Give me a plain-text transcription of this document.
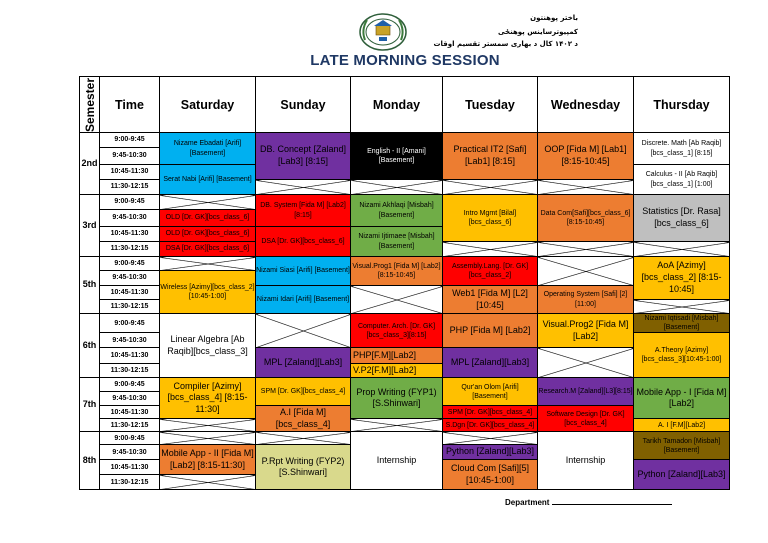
باختر پوهنتون
کمپیوترساینس پوهنځی
د ۱۴۰۲ کال د بهاری سمستر تقسیم اوقات
LATE MORNING SESSION
Semester	Time	Saturday	Sunday	Monday	Tuesday	Wednesday	Thursday
2nd	9:00-9:45	Nizame Ebadati [Arifi] [Basement]	DB. Concept [Zaland][Lab3] [8:15]	English - II [Amani][Basement]	Practical IT2 [Safi] [Lab1] [8:15]	OOP [Fida M] [Lab1] [8:15-10:45]	Discrete. Math [Ab Raqib] [bcs_class_1] [8:15]
	9:45-10:30						
	10:45-11:30	Serat Nabi [Arifi] [Basement]					Calculus - II [Ab Raqib] [bcs_class_1] [1:00]
	11:30-12:15						
3rd	9:00-9:45		DB. System [Fida M] [Lab2] [8:15]	Nizami Akhlaqi [Misbah] [Basement]	Intro Mgmt [Bilal] [bcs_class_6]	Data Com[Safi][bcs_class_6] [8:15-10:45]	Statistics [Dr. Rasa] [bcs_class_6]
	9:45-10:30	OLD [Dr. GK][bcs_class_6]					
	10:45-11:30	OLD [Dr. GK][bcs_class_6]	DSA [Dr. GK][bcs_class_6]	Nizami Ijtimaee [Misbah] [Basement]			
	11:30-12:15	DSA [Dr. GK][bcs_class_6]					
5th	9:00-9:45		Nizami Siasi [Arifi] [Basement]	Visual.Prog1 [Fida M] [Lab2] [8:15-10:45]	Assembly.Lang. [Dr. GK][bcs_class_2]		AoA [Azimy][bcs_class_2] [8:15-10:45]
	9:45-10:30	Wireless [Azimy][bcs_class_2] [10:45-1:00]					
	10:45-11:30		Nizami Idari [Arifi] [Basement]		Web1 [Fida M] [L2][10:45]	Operating System [Safi] [2][11:00]	
	11:30-12:15						
6th	9:00-9:45	Linear Algebra [Ab Raqib][bcs_class_3]		Computer. Arch. [Dr. GK][bcs_class_3][8:15]	PHP [Fida M] [Lab2]	Visual.Prog2 [Fida M] [Lab2]	Nizami Iqtisadi [Misbah] [Basement]
	9:45-10:30						A.Theory [Azimy][bcs_class_3][10:45-1:00]
	10:45-11:30		MPL [Zaland][Lab3]	PHP[F.M][Lab2]	MPL [Zaland][Lab3]		
	11:30-12:15			V.P2[F.M][Lab2]			
7th	9:00-9:45	Compiler [Azimy][bcs_class_4] [8:15-11:30]	SPM [Dr. GK][bcs_class_4]	Prop Writing (FYP1) [S.Shinwari]	Qur'an Olom [Arifi] [Basement]	Research.M [Zaland][L3][8:15]	Mobile App - I [Fida M] [Lab2]
	9:45-10:30						
	10:45-11:30		A.I [Fida M] [bcs_class_4]		SPM [Dr. GK][bcs_class_4]	Software Design [Dr. GK][bcs_class_4]	
	11:30-12:15				S.Dgn [Dr. GK][bcs_class_4]		A. I [F.M][Lab2]
8th	9:00-9:45			Internship		Internship	Tarikh Tamadon [Misbah] [Basement]
	9:45-10:30	Mobile App - II [Fida M] [Lab2] [8:15-11:30]	P.Rpt Writing (FYP2) [S.Shinwari]		Python [Zaland][Lab3]		
	10:45-11:30				Cloud Com [Safi][5] [10:45-1:00]		Python [Zaland][Lab3]
	11:30-12:15						
Department
